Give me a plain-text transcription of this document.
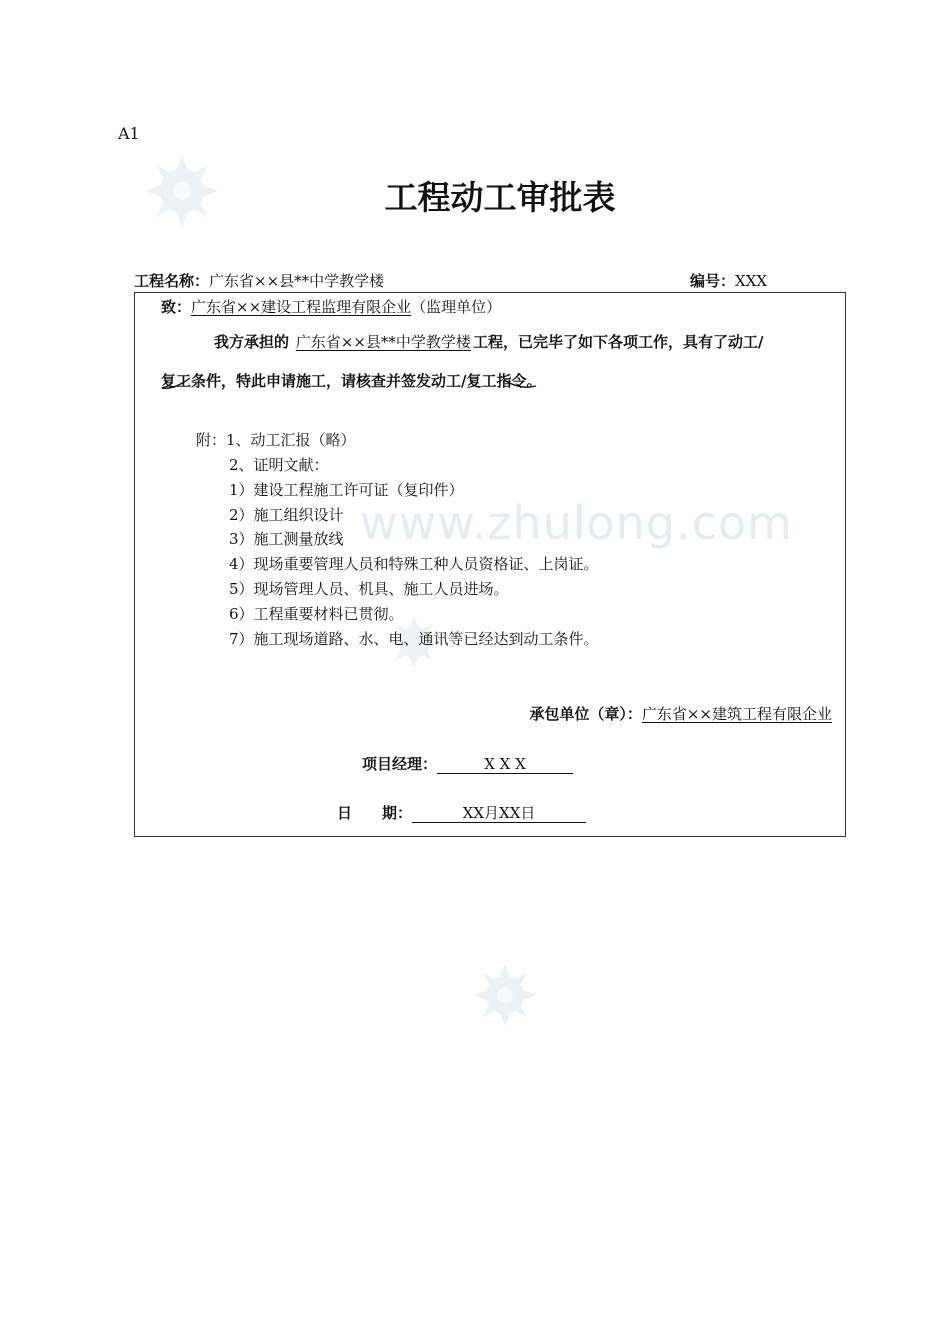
www.zhulong.com
A1
工程动工审批表
工程名称：广东省××县**中学教学楼	编号：XXX
致：广东省××建设工程监理有限企业（监理单位）
我方承担的 广东省××县**中学教学楼 工程，已完毕了如下各项工作，具有了动工/
复工条件，特此申请施工，请核查并签发动工/复工指令。
附：1、动工汇报（略）
2、证明文献：
1）建设工程施工许可证（复印件）
2）施工组织设计
3）施工测量放线
4）现场重要管理人员和特殊工种人员资格证、上岗证。
5）现场管理人员、机具、施工人员进场。
6）工程重要材料已贯彻。
7）施工现场道路、水、电、通讯等已经达到动工条件。
承包单位（章）：广东省××建筑工程有限企业
项目经理：	X X X
日　　期：	XX月XX日
